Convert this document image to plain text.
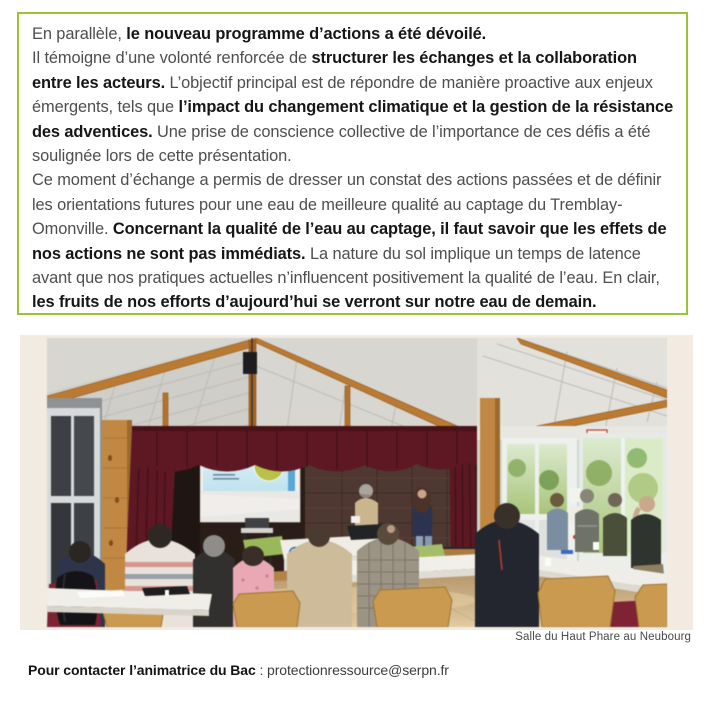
En parallèle, le nouveau programme d’actions a été dévoilé.
Il témoigne d’une volonté renforcée de structurer les échanges et la collaboration entre les acteurs. L’objectif principal est de répondre de manière proactive aux enjeux émergents, tels que l’impact du changement climatique et la gestion de la résistance des adventices. Une prise de conscience collective de l’importance de ces défis a été soulignée lors de cette présentation.
Ce moment d’échange a permis de dresser un constat des actions passées et de définir les orientations futures pour une eau de meilleure qualité au captage du Tremblay-Omonville. Concernant la qualité de l’eau au captage, il faut savoir que les effets de nos actions ne sont pas immédiats. La nature du sol implique un temps de latence avant que nos pratiques actuelles n’influencent positivement la qualité de l’eau. En clair, les fruits de nos efforts d’aujourd’hui se verront sur notre eau de demain.
Salle du Haut Phare au Neubourg
Pour contacter l’animatrice du Bac : protectionressource@serpn.fr
